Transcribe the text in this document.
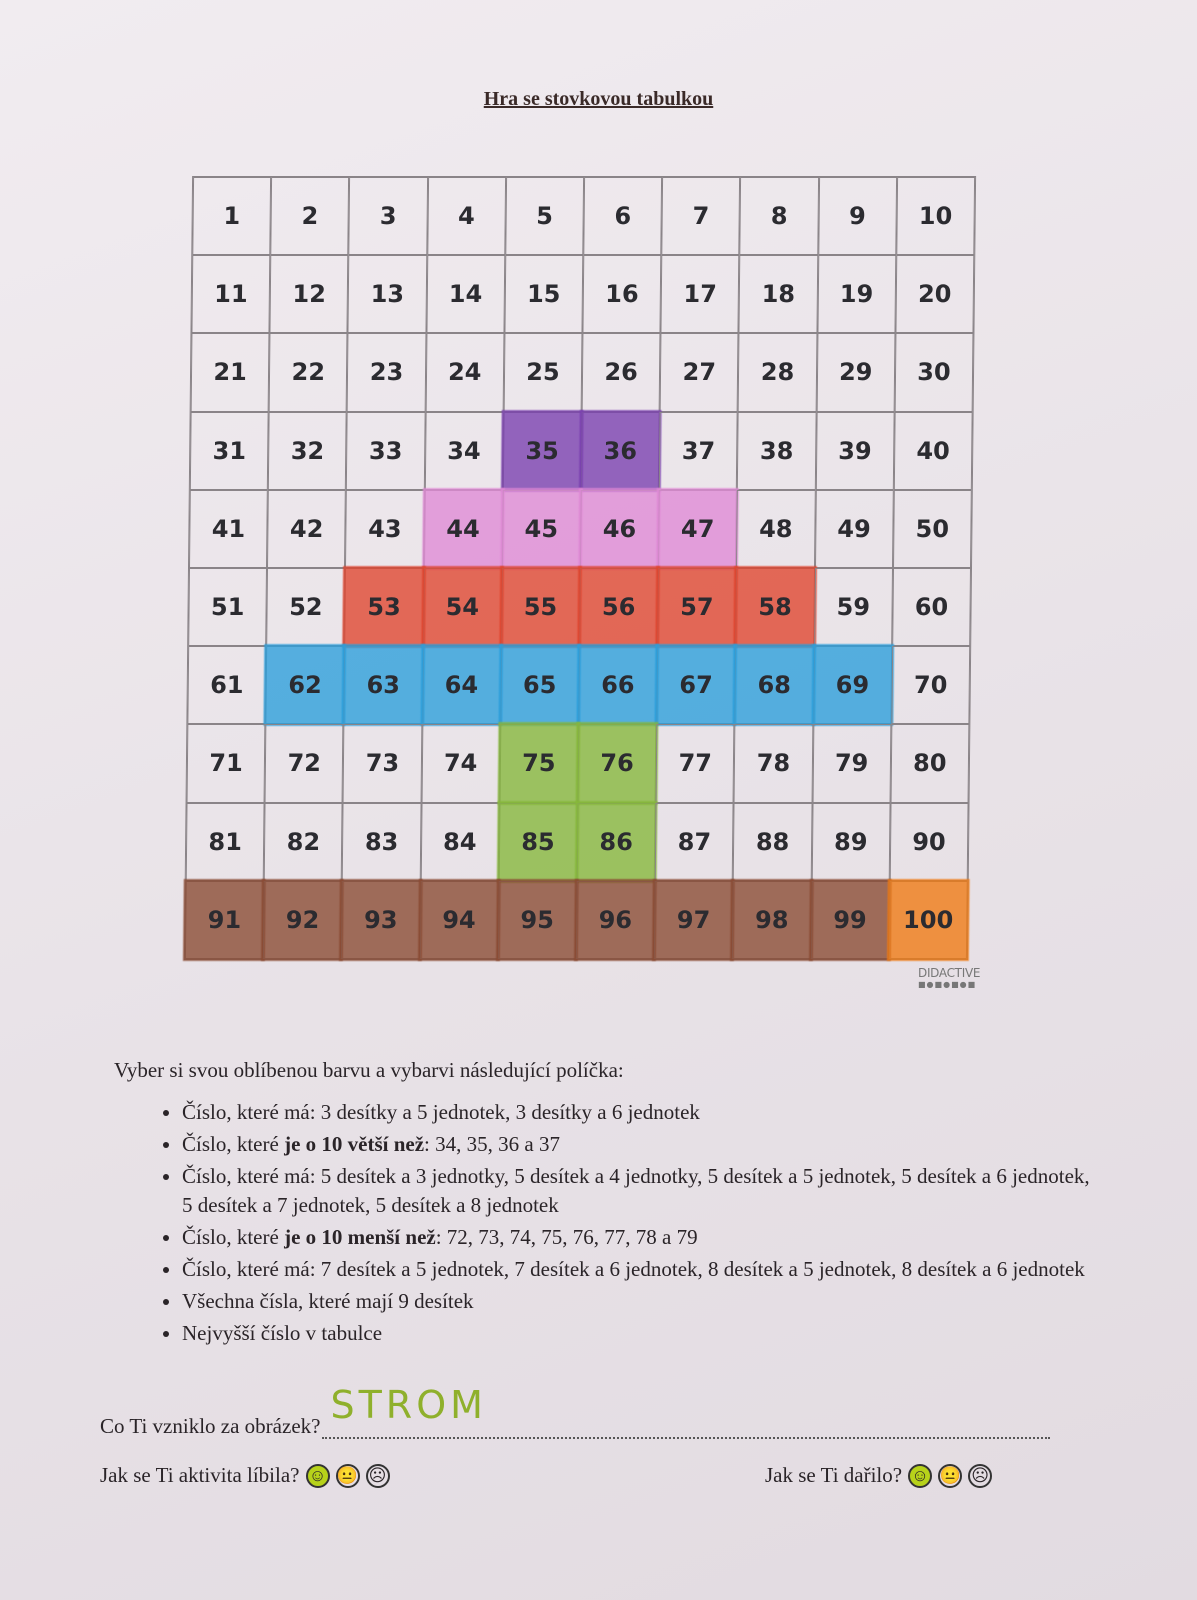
Hra se stovkovou tabulkou
1	2	3	4	5	6	7	8	9 10
11 12 13 14 15 16 17 18 19 20
21 22 23 24 25 26 27 28 29 30
31 32 33 34 35 36 37 38 39 40
41 42 43 44 45 46 47 48 49 50
51 52 53 54 55 56 57 58 59 60
61 62 63 64 65 66 67 68 69 70
71 72 73 74 75 76 77 78 79 80
81 82 83 84 85 86 87 88 89 90
91 92 93 94 95 96 97 98 99 100
DIDACTIVE
■●■●■●■
Vyber si svou oblíbenou barvu a vybarvi následující políčka:
• Číslo, které má: 3 desítky a 5 jednotek, 3 desítky a 6 jednotek
• Číslo, které je o 10 větší než: 34, 35, 36 a 37
• Číslo, které má: 5 desítek a 3 jednotky, 5 desítek a 4 jednotky, 5 desítek a 5 jednotek, 5 desítek a 6 jednotek, 5 desítek a 7 jednotek, 5 desítek a 8 jednotek
• Číslo, které je o 10 menší než: 72, 73, 74, 75, 76, 77, 78 a 79
• Číslo, které má: 7 desítek a 5 jednotek, 7 desítek a 6 jednotek, 8 desítek a 5 jednotek, 8 desítek a 6 jednotek
• Všechna čísla, které mají 9 desítek
• Nejvyšší číslo v tabulce
Co Ti vzniklo za obrázek? STROM
Jak se Ti aktivita líbila? ☺ 😐 ☹	Jak se Ti dařilo? ☺ 😐 ☹
